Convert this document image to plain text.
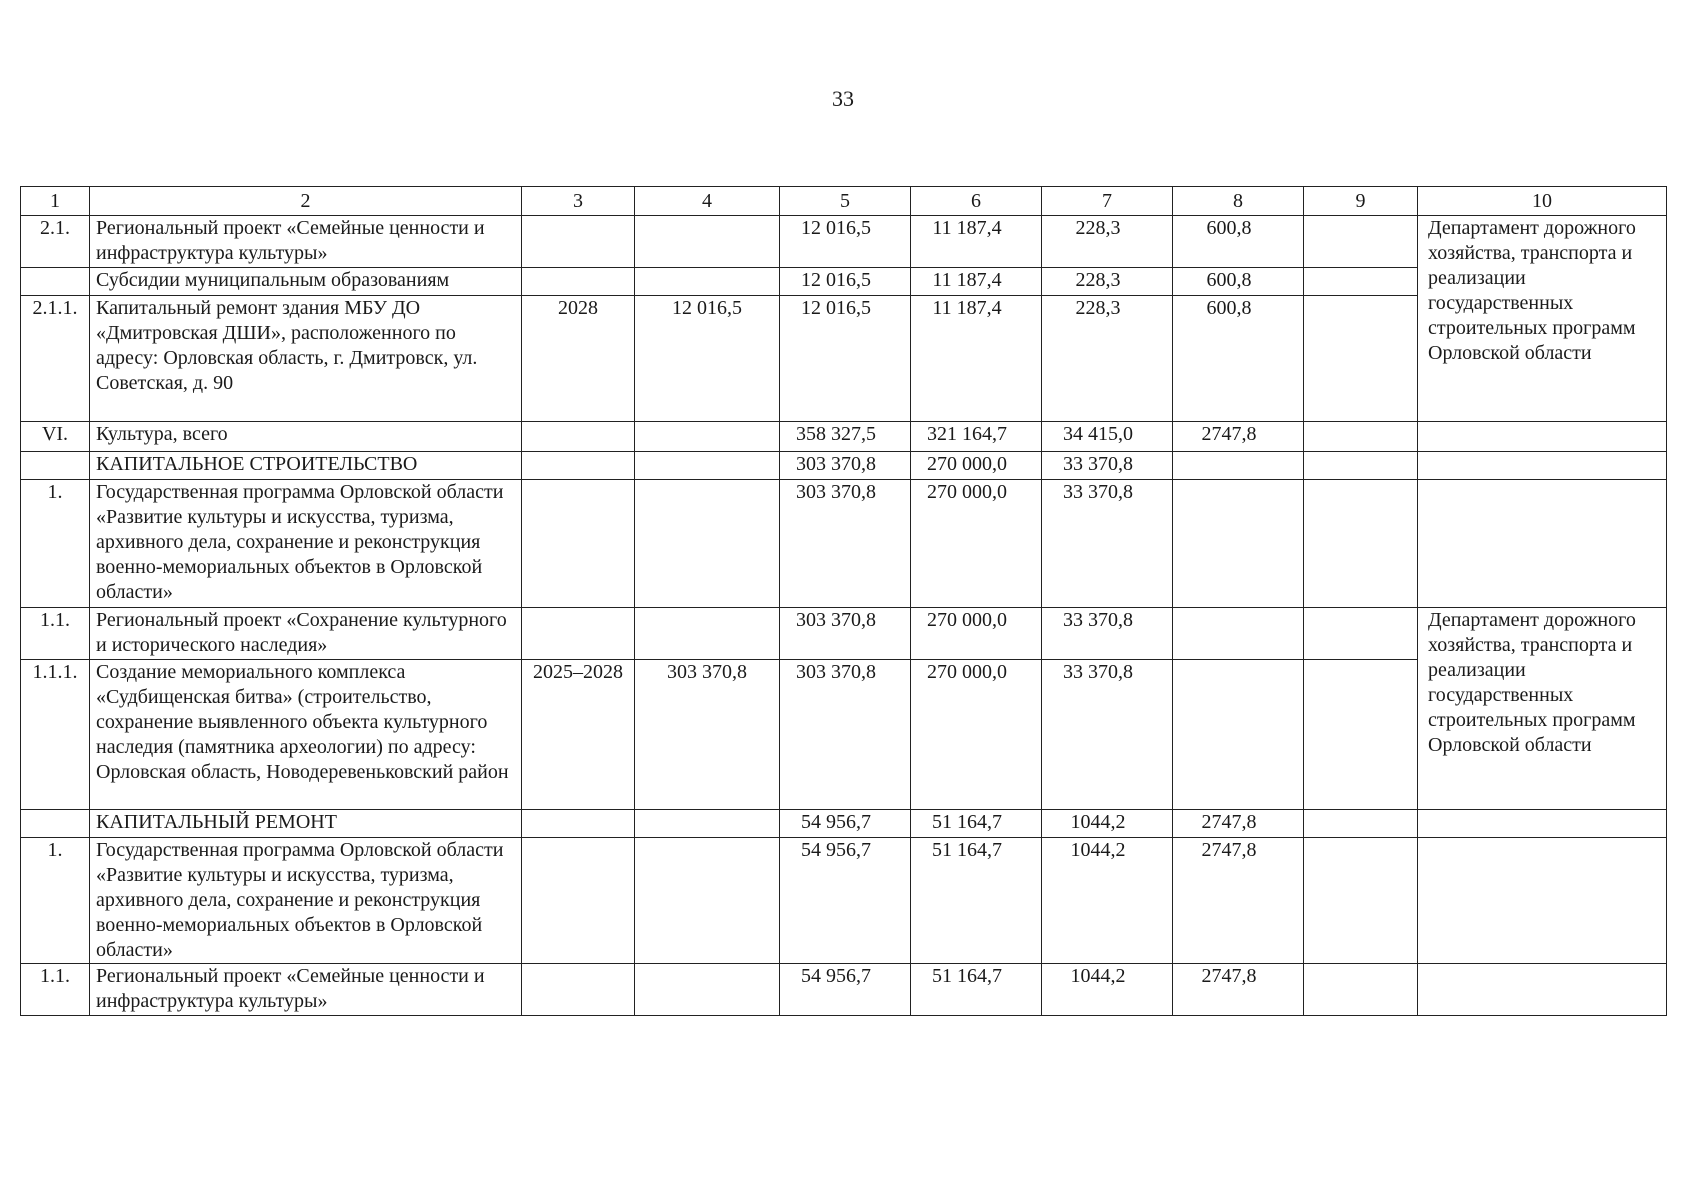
33
1	2	3	4	5	6	7	8	9	10
2.1.	Региональный проект «Семейные ценности и инфраструктура культуры»			12 016,5	11 187,4	228,3	600,8		Департамент дорожного хозяйства, транспорта и реализации государственных строительных программ Орловской области
	Субсидии муниципальным образованиям			12 016,5	11 187,4	228,3	600,8		
2.1.1.	Капитальный ремонт здания МБУ ДО «Дмитровская ДШИ», расположенного по адресу: Орловская область, г. Дмитровск, ул. Советская, д. 90	2028	12 016,5	12 016,5	11 187,4	228,3	600,8		
VI.	Культура, всего			358 327,5	321 164,7	34 415,0	2747,8		
	КАПИТАЛЬНОЕ СТРОИТЕЛЬСТВО			303 370,8	270 000,0	33 370,8			
1.	Государственная программа Орловской области «Развитие культуры и искусства, туризма, архивного дела, сохранение и реконструкция военно-мемориальных объектов в Орловской области»			303 370,8	270 000,0	33 370,8			
1.1.	Региональный проект «Сохранение культурного и исторического наследия»			303 370,8	270 000,0	33 370,8			Департамент дорожного хозяйства, транспорта и реализации государственных строительных программ Орловской области
1.1.1.	Создание мемориального комплекса «Судбищенская битва» (строительство, сохранение выявленного объекта культурного наследия (памятника археологии) по адресу: Орловская область, Новодеревеньковский район	2025–2028	303 370,8	303 370,8	270 000,0	33 370,8			
	КАПИТАЛЬНЫЙ РЕМОНТ			54 956,7	51 164,7	1044,2	2747,8		
1.	Государственная программа Орловской области «Развитие культуры и искусства, туризма, архивного дела, сохранение и реконструкция военно-мемориальных объектов в Орловской области»			54 956,7	51 164,7	1044,2	2747,8		
1.1.	Региональный проект «Семейные ценности и инфраструктура культуры»			54 956,7	51 164,7	1044,2	2747,8		
